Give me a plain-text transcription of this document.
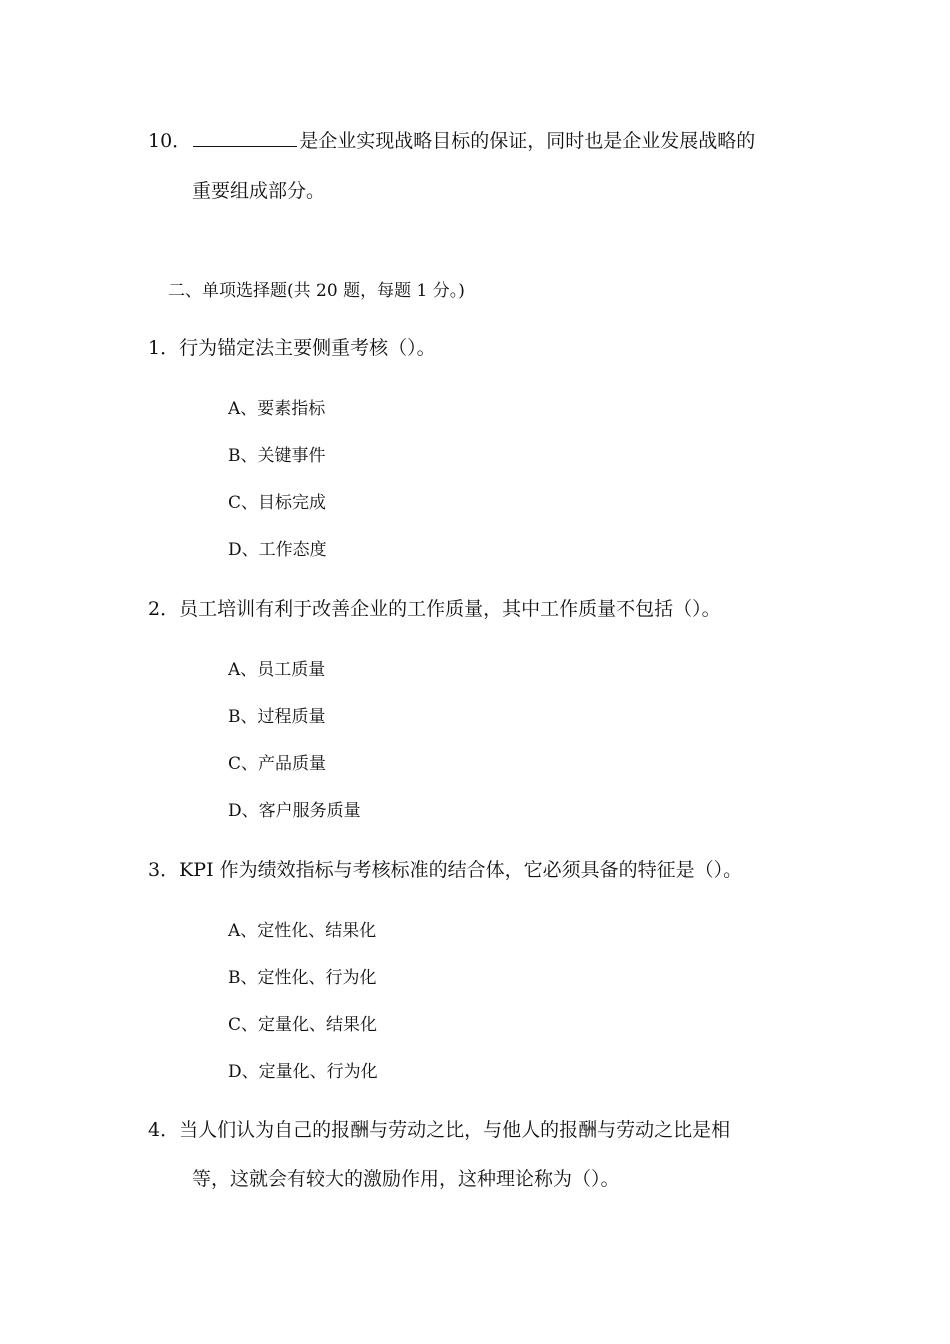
10．	是企业实现战略目标的保证，同时也是企业发展战略的
重要组成部分。
二、单项选择题(共 20 题，每题 1 分。)
1．行为锚定法主要侧重考核（）。
A、要素指标
B、关键事件
C、目标完成
D、工作态度
2．员工培训有利于改善企业的工作质量，其中工作质量不包括（）。
A、员工质量
B、过程质量
C、产品质量
D、客户服务质量
3．KPI 作为绩效指标与考核标准的结合体，它必须具备的特征是（）。
A、定性化、结果化
B、定性化、行为化
C、定量化、结果化
D、定量化、行为化
4．当人们认为自己的报酬与劳动之比，与他人的报酬与劳动之比是相
等，这就会有较大的激励作用，这种理论称为（）。
